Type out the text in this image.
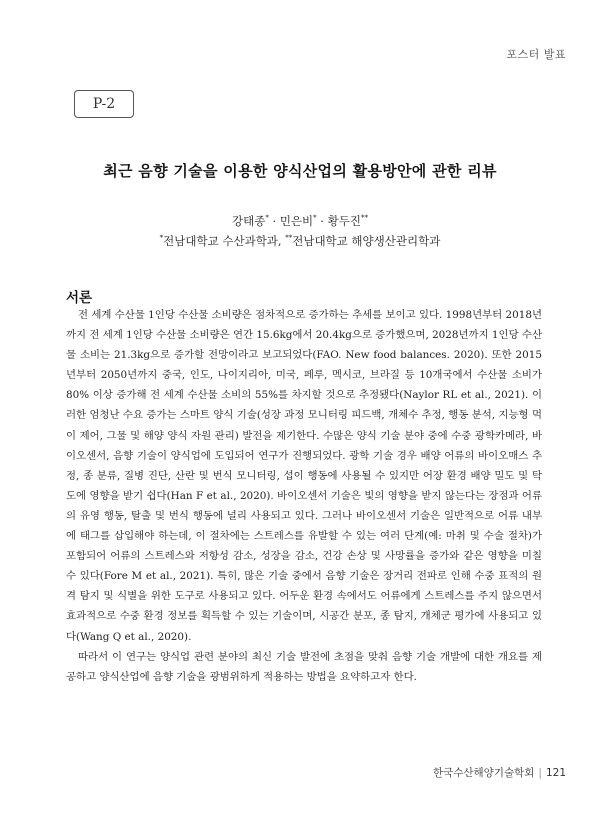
포스터 발표
P-2
최근 음향 기술을 이용한 양식산업의 활용방안에 관한 리뷰
강태종* · 민은비* · 황두진**
*전남대학교 수산과학과, **전남대학교 해양생산관리학과
서론

전 세계 수산물 1인당 수산물 소비량은 점차적으로 증가하는 추세를 보이고 있다. 1998년부터 2018년까지 전 세계 1인당 수산물 소비량은 연간 15.6kg에서 20.4kg으로 증가했으며, 2028년까지 1인당 수산물 소비는 21.3kg으로 증가할 전망이라고 보고되었다(FAO. New food balances. 2020). 또한 2015년부터 2050년까지 중국, 인도, 나이지리아, 미국, 페루, 멕시코, 브라질 등 10개국에서 수산물 소비가 80% 이상 증가해 전 세계 수산물 소비의 55%를 차지할 것으로 추정됐다(Naylor RL et al., 2021). 이러한 엄청난 수요 증가는 스마트 양식 기술(성장 과정 모니터링 피드백, 개체수 추정, 행동 분석, 지능형 먹이 제어, 그물 및 해양 양식 자원 관리) 발전을 제기한다. 수많은 양식 기술 분야 중에 수중 광학카메라, 바이오센서, 음향 기술이 양식업에 도입되어 연구가 진행되었다. 광학 기술 경우 배양 어류의 바이오매스 추정, 종 분류, 질병 진단, 산란 및 번식 모니터링, 섭이 행동에 사용될 수 있지만 어장 환경 배양 밀도 및 탁도에 영향을 받기 쉽다(Han F et al., 2020). 바이오센서 기술은 빛의 영향을 받지 않는다는 장점과 어류의 유영 행동, 탈출 및 번식 행동에 널리 사용되고 있다. 그러나 바이오센서 기술은 일반적으로 어류 내부에 태그를 삽입해야 하는데, 이 절차에는 스트레스를 유발할 수 있는 여러 단계(예: 마취 및 수술 절차)가 포함되어 어류의 스트레스와 저항성 감소, 성장을 감소, 건강 손상 및 사망률을 증가와 같은 영향을 미칠 수 있다(Fore M et al., 2021). 특히, 많은 기술 중에서 음향 기술은 장거리 전파로 인해 수중 표적의 원격 탐지 및 식별을 위한 도구로 사용되고 있다. 어두운 환경 속에서도 어류에게 스트레스를 주지 않으면서 효과적으로 수중 환경 정보를 획득할 수 있는 기술이며, 시공간 분포, 종 탐지, 개체군 평가에 사용되고 있다(Wang Q et al., 2020).

따라서 이 연구는 양식업 관련 분야의 최신 기술 발전에 초점을 맞춰 음향 기술 개발에 대한 개요를 제공하고 양식산업에 음향 기술을 광범위하게 적용하는 방법을 요약하고자 한다.

한국수산해양기술학회 | 121
